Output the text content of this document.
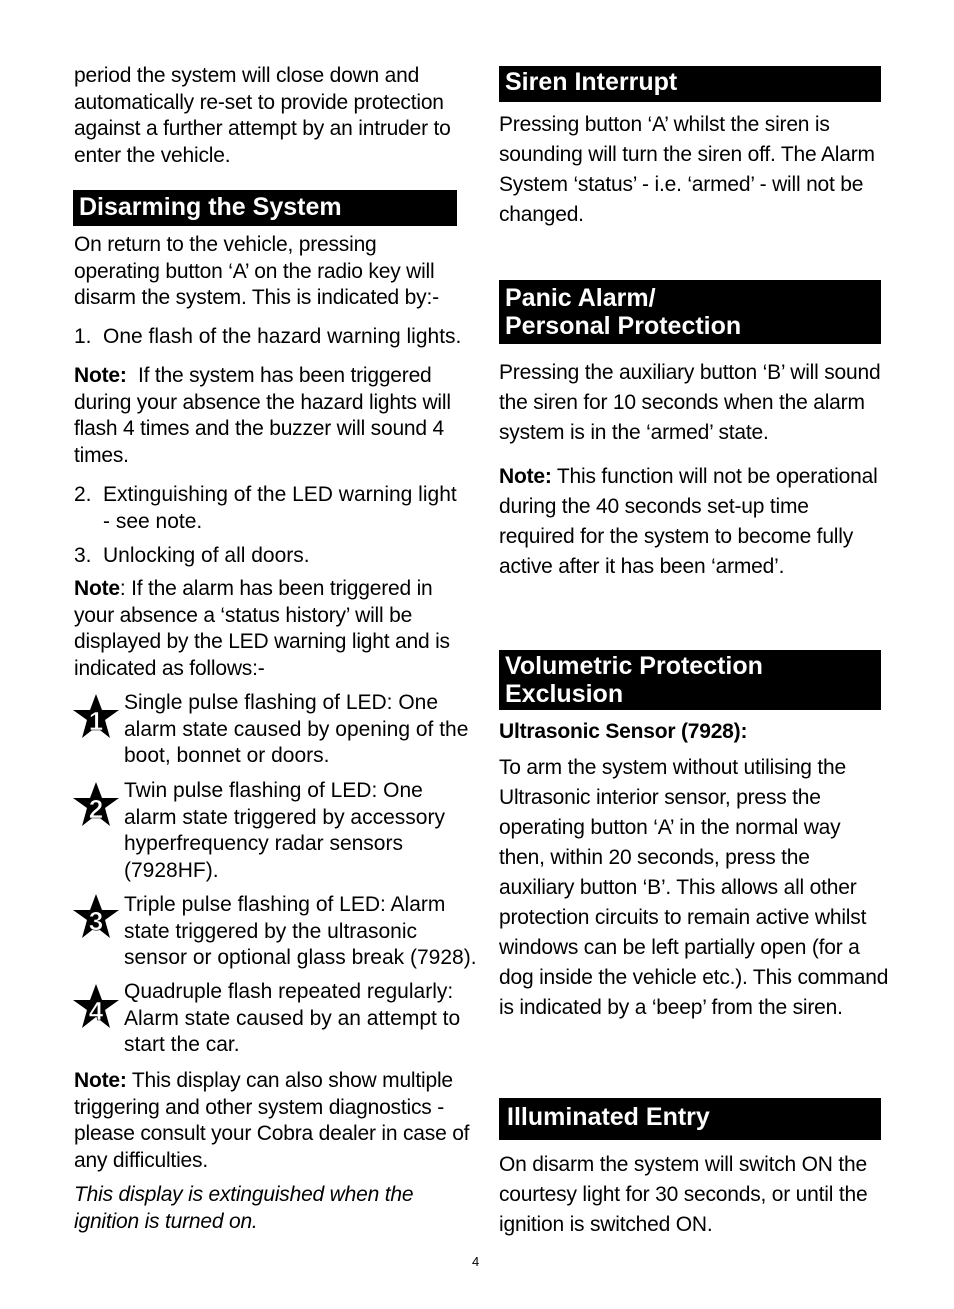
period the system will close down and
automatically re-set to provide protection
against a further attempt by an intruder to
enter the vehicle.
Disarming the System
On return to the vehicle, pressing
operating button ‘A’ on the radio key will
disarm the system. This is indicated by:-
1. One flash of the hazard warning lights.
Note:  If the system has been triggered
during your absence the hazard lights will
flash 4 times and the buzzer will sound 4
times.
2. Extinguishing of the LED warning light
- see note.
3. Unlocking of all doors.
Note: If the alarm has been triggered in
your absence a ‘status history’ will be
displayed by the LED warning light and is
indicated as follows:-
1
Single pulse flashing of LED: One
alarm state caused by opening of the
boot, bonnet or doors.
2
Twin pulse flashing of LED: One
alarm state triggered by accessory
hyperfrequency radar sensors
(7928HF).
3
Triple pulse flashing of LED: Alarm
state triggered by the ultrasonic
sensor or optional glass break (7928).
4
Quadruple flash repeated regularly:
Alarm state caused by an attempt to
start the car.
Note: This display can also show multiple
triggering and other system diagnostics -
please consult your Cobra dealer in case of
any difficulties.
This display is extinguished when the
ignition is turned on.
Siren Interrupt
Pressing button ‘A’ whilst the siren is
sounding will turn the siren off. The Alarm
System ‘status’ - i.e. ‘armed’ - will not be
changed.
Panic Alarm/
Personal Protection
Pressing the auxiliary button ‘B’ will sound
the siren for 10 seconds when the alarm
system is in the ‘armed’ state.
Note: This function will not be operational
during the 40 seconds set-up time
required for the system to become fully
active after it has been ‘armed’.
Volumetric Protection
Exclusion
Ultrasonic Sensor (7928):
To arm the system without utilising the
Ultrasonic interior sensor, press the
operating button ‘A’ in the normal way
then, within 20 seconds, press the
auxiliary button ‘B’. This allows all other
protection circuits to remain active whilst
windows can be left partially open (for a
dog inside the vehicle etc.). This command
is indicated by a ‘beep’ from the siren.
Illuminated Entry
On disarm the system will switch ON the
courtesy light for 30 seconds, or until the
ignition is switched ON.
4
